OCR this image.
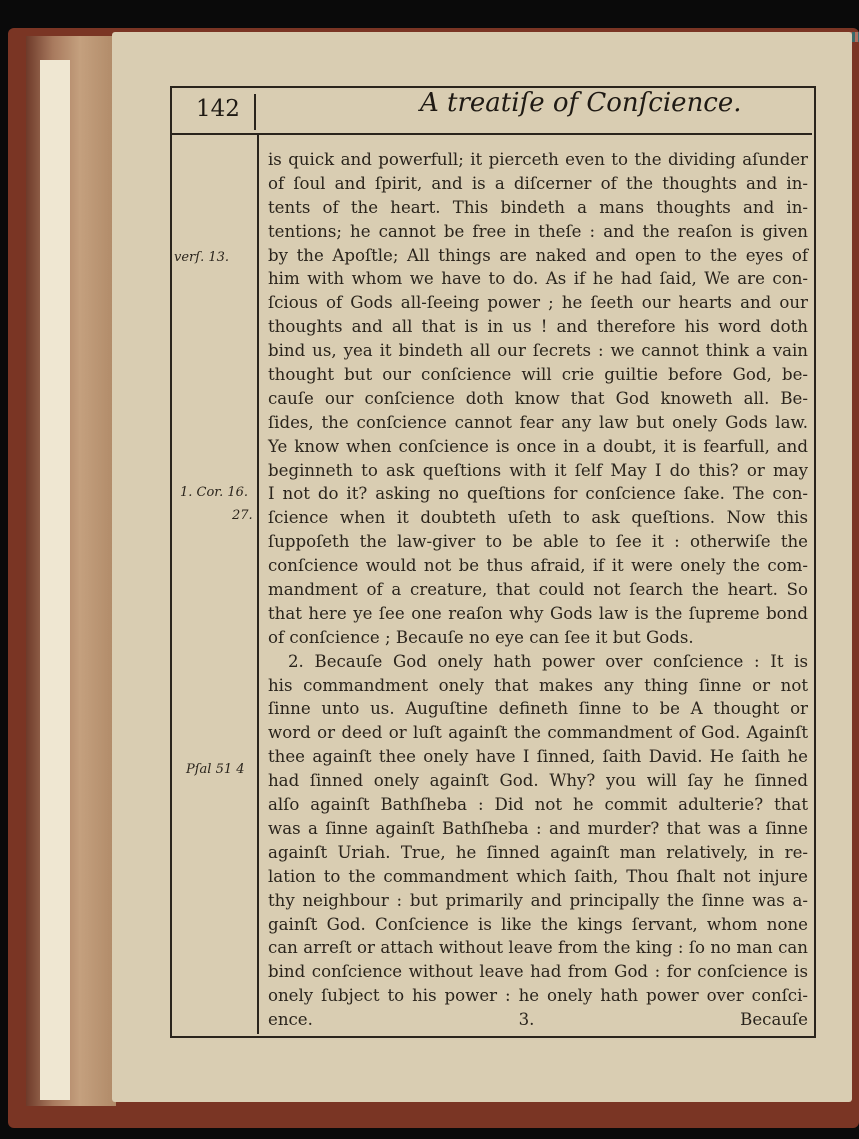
142	A treatiſe of Conſcience.
verſ. 13.
1. Cor. 16.
27.
Pſal 51 4
is quick and powerfull; it pierceth even to the dividing aſunder
of ſoul and ſpirit, and is a diſcerner of the thoughts and in-
tents of the heart. This bindeth a mans thoughts and in-
tentions; he cannot be free in theſe : and the reaſon is given
by the Apoſtle; All things are naked and open to the eyes of
him with whom we have to do. As if he had ſaid, We are con-
ſcious of Gods all-ſeeing power ; he ſeeth our hearts and our
thoughts and all that is in us ! and therefore his word doth
bind us, yea it bindeth all our ſecrets : we cannot think a vain
thought but our conſcience will crie guiltie before God, be-
cauſe our conſcience doth know that God knoweth all. Be-
ſides, the conſcience cannot fear any law but onely Gods law.
Ye know when conſcience is once in a doubt, it is fearfull, and
beginneth to ask queſtions with it ſelf May I do this? or may
I not do it? asking no queſtions for conſcience ſake. The con-
ſcience when it doubteth uſeth to ask queſtions. Now this
ſuppoſeth the law-giver to be able to ſee it : otherwiſe the
conſcience would not be thus afraid, if it were onely the com-
mandment of a creature, that could not ſearch the heart. So
that here ye ſee one reaſon why Gods law is the ſupreme bond
of conſcience ; Becauſe no eye can ſee it but Gods.
2. Becauſe God onely hath power over conſcience : It is
his commandment onely that makes any thing ſinne or not
ſinne unto us. Auguſtine defineth ſinne to be A thought or
word or deed or luſt againſt the commandment of God. Againſt
thee againſt thee onely have I ſinned, ſaith David. He ſaith he
had ſinned onely againſt God. Why? you will ſay he ſinned
alſo againſt Bathſheba : Did not he commit adulterie? that
was a ſinne againſt Bathſheba : and murder? that was a ſinne
againſt Uriah. True, he ſinned againſt man relatively, in re-
lation to the commandment which ſaith, Thou ſhalt not injure
thy neighbour : but primarily and principally the ſinne was a-
gainſt God. Conſcience is like the kings ſervant, whom none
can arreſt or attach without leave from the king : ſo no man can
bind conſcience without leave had from God : for conſcience is
onely ſubject to his power : he onely hath power over conſci-
ence. 3. Becauſe
